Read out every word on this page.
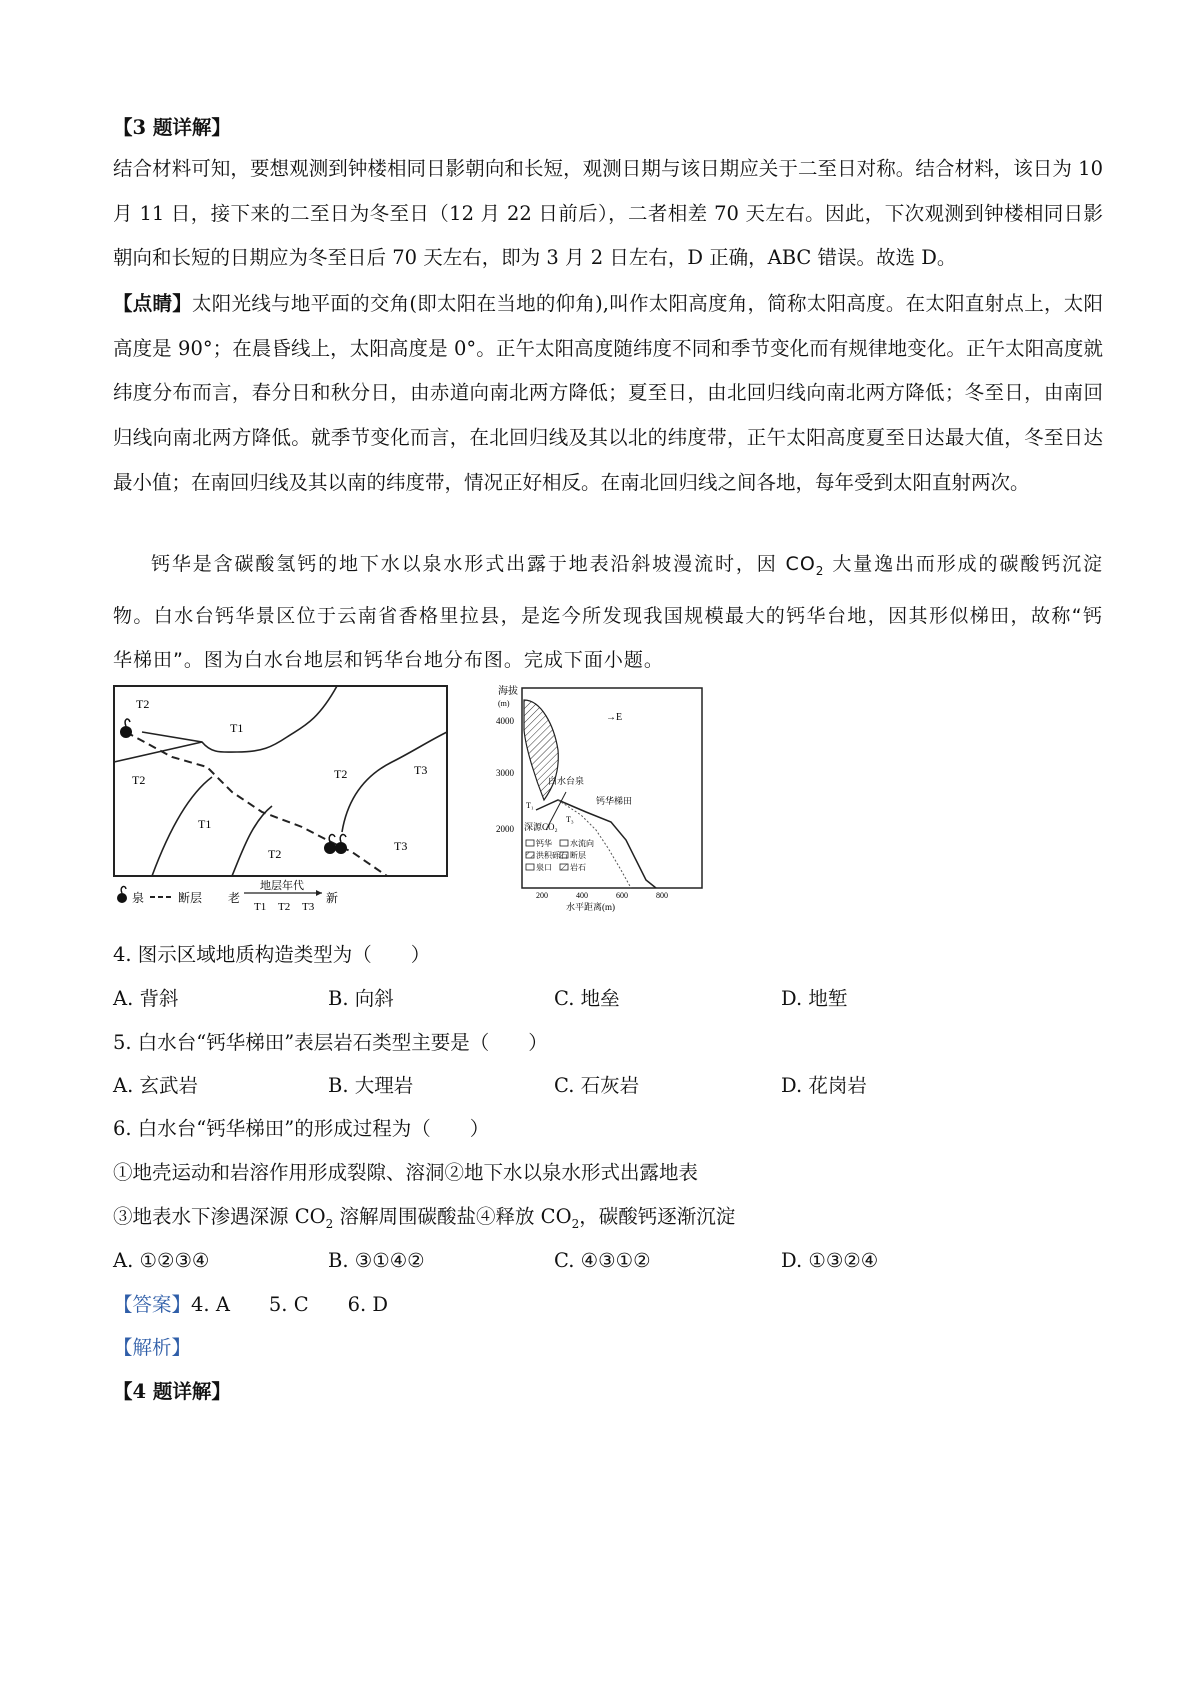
【3 题详解】
结合材料可知，要想观测到钟楼相同日影朝向和长短，观测日期与该日期应关于二至日对称。结合材料，该日为 10 月 11 日，接下来的二至日为冬至日（12 月 22 日前后），二者相差 70 天左右。因此，下次观测到钟楼相同日影朝向和长短的日期应为冬至日后 70 天左右，即为 3 月 2 日左右，D 正确，ABC 错误。故选 D。
【点睛】太阳光线与地平面的交角(即太阳在当地的仰角),叫作太阳高度角，简称太阳高度。在太阳直射点上，太阳高度是 90°；在晨昏线上，太阳高度是 0°。正午太阳高度随纬度不同和季节变化而有规律地变化。正午太阳高度就纬度分布而言，春分日和秋分日，由赤道向南北两方降低；夏至日，由北回归线向南北两方降低；冬至日，由南回归线向南北两方降低。就季节变化而言，在北回归线及其以北的纬度带，正午太阳高度夏至日达最大值，冬至日达最小值；在南回归线及其以南的纬度带，情况正好相反。在南北回归线之间各地，每年受到太阳直射两次。
钙华是含碳酸氢钙的地下水以泉水形式出露于地表沿斜坡漫流时，因 $CO_2$ 大量逸出而形成的碳酸钙沉淀物。白水台钙华景区位于云南省香格里拉县，是迄今所发现我国规模最大的钙华台地，因其形似梯田，故称“钙华梯田”。图为白水台地层和钙华台地分布图。完成下面小题。
T2
T1
T2	T2	T3
T1
T2
T3
泉	断层 老
地层年代
新
T1 T2 T3
海拔
(m)
4000
3000
2000
→E
白水台泉
钙华梯田
深源CO₂
T₁
T₃
钙华 水流向
洪积砾石 断层
泉口 岩石
200	400	600	800
水平距离(m)
4. 图示区域地质构造类型为（　　）
A. 背斜	B. 向斜	C. 地垒	D. 地堑
5. 白水台“钙华梯田”表层岩石类型主要是（　　）
A. 玄武岩	B. 大理岩	C. 石灰岩	D. 花岗岩
6. 白水台“钙华梯田”的形成过程为（　　）
①地壳运动和岩溶作用形成裂隙、溶洞②地下水以泉水形式出露地表
③地表水下渗遇深源 $CO_2$ 溶解周围碳酸盐④释放 $CO_2$，碳酸钙逐渐沉淀
A. ①②③④	B. ③①④②	C. ④③①②	D. ①③②④
【答案】4. A　　5. C　　6. D
【解析】
【4 题详解】
